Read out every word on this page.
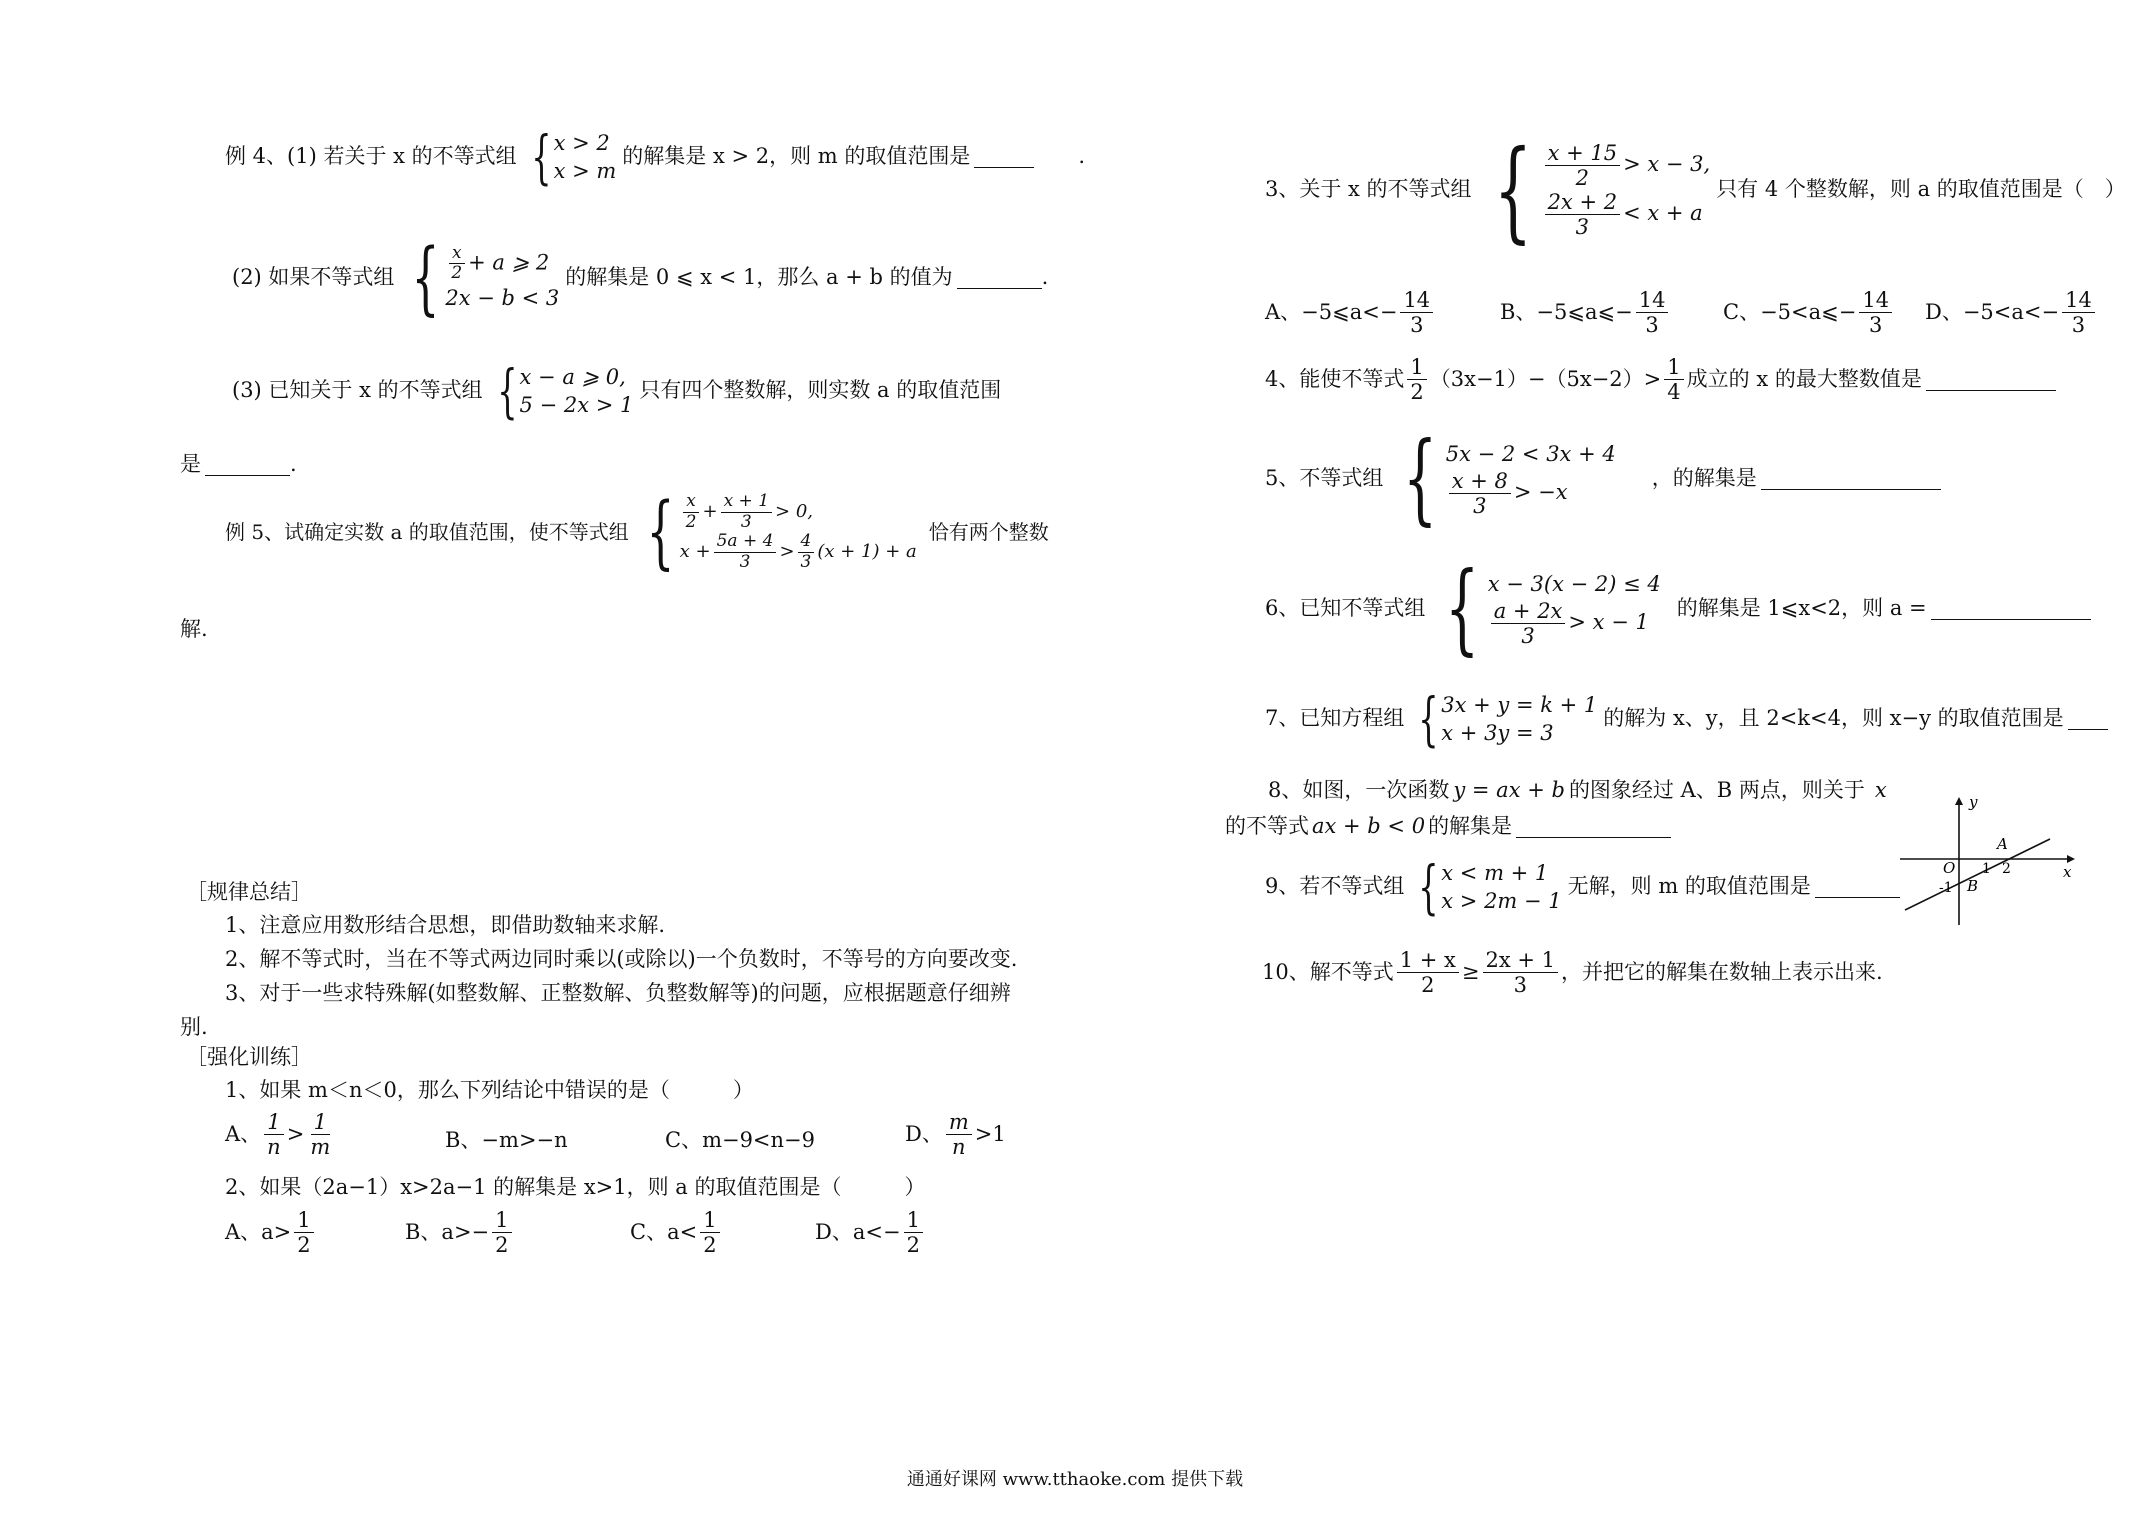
例 4、(1) 若关于 x 的不等式组 { x > 2
x > m
的解集是 x > 2，则 m 的取值范围是	.
(2) 如果不等式组 { $\frac{x}{2} + a$ ⩾ 2
2x − b < 3
的解集是 0 ⩽ x < 1，那么 a + b 的值为	.
(3) 已知关于 x 的不等式组 { x − a ⩾ 0,
5 − 2x > 1
只有四个整数解，则实数 a 的取值范围
是	.
例 5、试确定实数 a 的取值范围，使不等式组 { $\frac{x}{2} + \frac{x + 1}{3} > 0$,
$x + \frac{5a + 4}{3} > \frac{4}{3} (x + 1) + a$
恰有两个整数
解.
［规律总结］
1、注意应用数形结合思想，即借助数轴来求解.
2、解不等式时，当在不等式两边同时乘以(或除以)一个负数时，不等号的方向要改变.
3、对于一些求特殊解(如整数解、正整数解、负整数解等)的问题，应根据题意仔细辨
别.
［强化训练］
1、如果 m＜n＜0，那么下列结论中错误的是（　　　）
A、 $\frac{1}{n} > \frac{1}{m}$	B、−m>−n	C、m−9<n−9	D、 $\frac{m}{n} >1$
2、如果（2a−1）x>2a−1 的解集是 x>1，则 a 的取值范围是（　　　）
A、$a> \frac{1}{2}$	B、$a>- \frac{1}{2}$	C、$a< \frac{1}{2}$	D、$a<- \frac{1}{2}$
3、关于 x 的不等式组 { $\frac{x + 15}{2} > x - 3$,
$\frac{2x + 2}{3} < x + a$
只有 4 个整数解，则 a 的取值范围是（　）
A、−5⩽a<− $\frac{14}{3}$	B、−5⩽a⩽− $\frac{14}{3}$	C、−5<a⩽− $\frac{14}{3}$ D、$-5<a<- \frac{14}{3}$
4、能使不等式 $\frac{1}{2} (3x-1)-(5x-2)> \frac{1}{4}$ 成立的 x 的最大整数值是
5、不等式组 { 5x − 2 < 3x + 4
$\frac{x + 8}{3} > -x$
，的解集是
6、已知不等式组 { x − 3(x − 2) ≤ 4
$\frac{a + 2x}{3} > x - 1$
的解集是 1⩽x<2，则 a =
7、已知方程组 { 3x + y = k + 1
x + 3y = 3
的解为 x、y，且 2<k<4，则 x−y 的取值范围是
8、如图，一次函数 y = ax + b 的图象经过 A、B 两点，则关于 x
的不等式 ax + b < 0 的解集是
y
x
O
A
B
1 2
-1
9、若不等式组 { x < m + 1
x > 2m − 1
无解，则 m 的取值范围是
10、解不等式 $\frac{1 + x}{2} \ge \frac{2x + 1}{3}$ ，并把它的解集在数轴上表示出来.
通通好课网 www.tthaoke.com 提供下载
